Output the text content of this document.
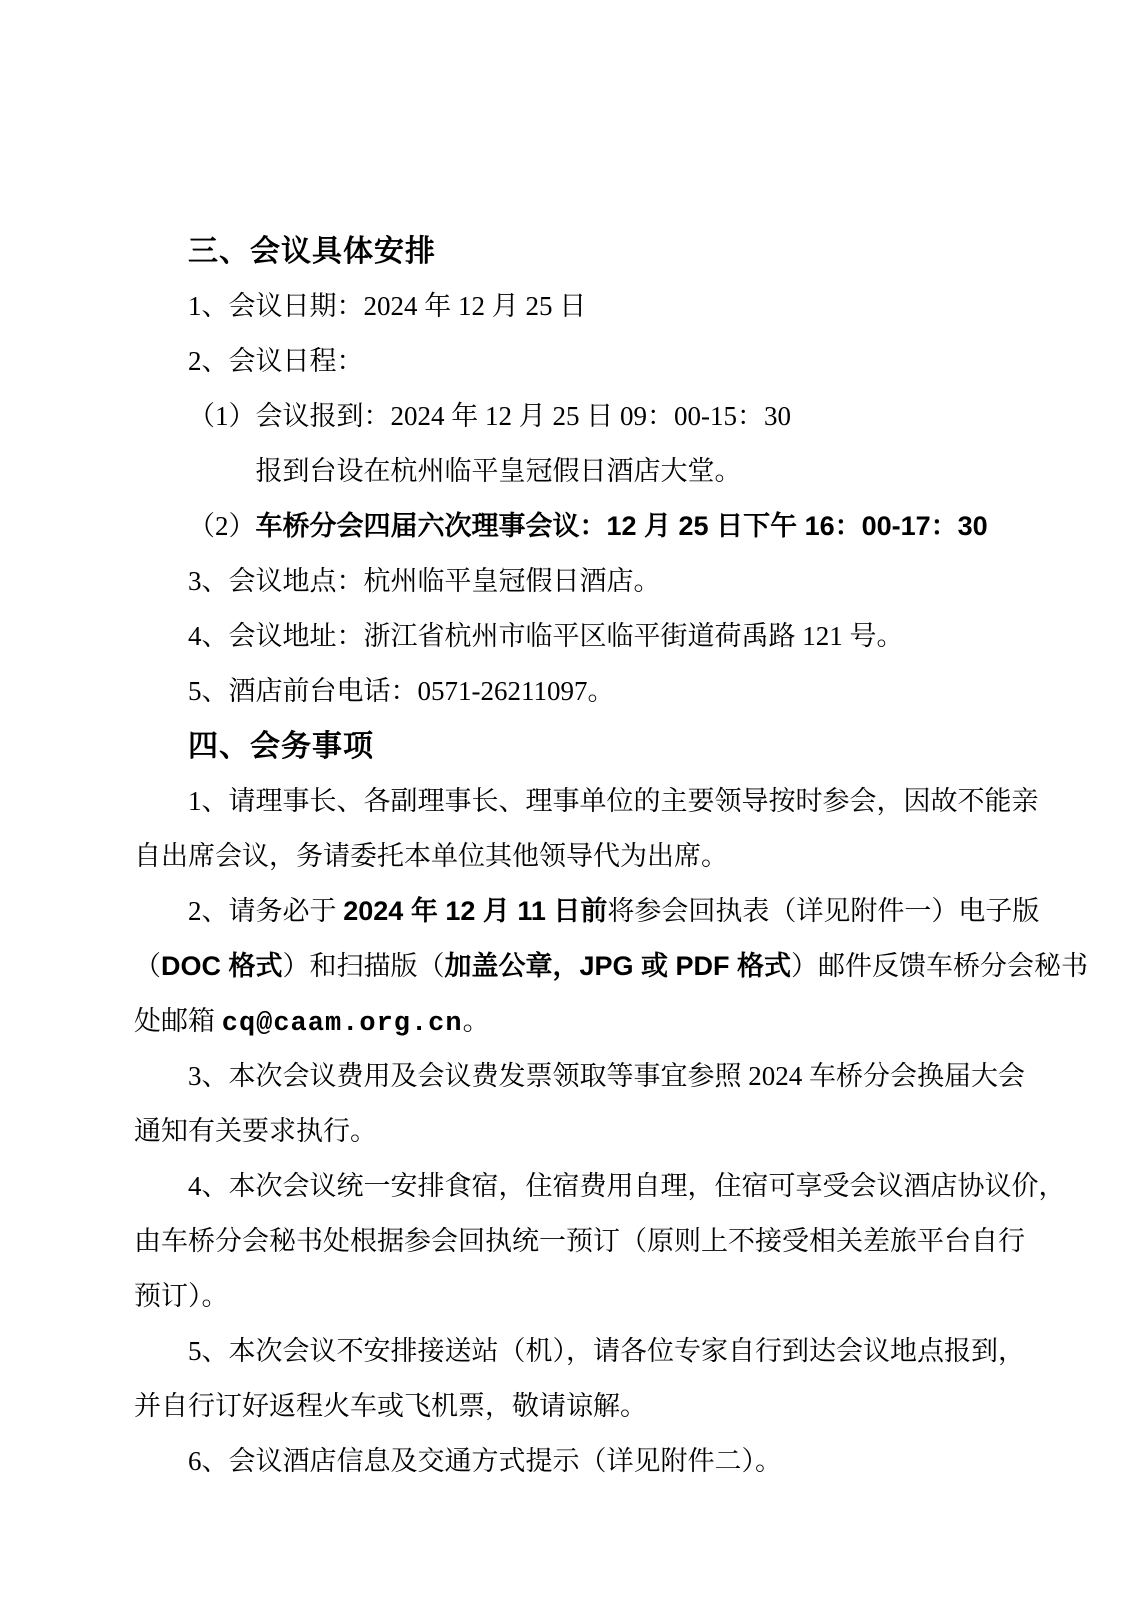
三、会议具体安排
1、会议日期：2024 年 12 月 25 日
2、会议日程：
（1）会议报到：2024 年 12 月 25 日 09：00-15：30
报到台设在杭州临平皇冠假日酒店大堂。
（2）车桥分会四届六次理事会议：12 月 25 日下午 16：00-17：30
3、会议地点：杭州临平皇冠假日酒店。
4、会议地址：浙江省杭州市临平区临平街道荷禹路 121 号。
5、酒店前台电话：0571-26211097。
四、会务事项
1、请理事长、各副理事长、理事单位的主要领导按时参会，因故不能亲
自出席会议，务请委托本单位其他领导代为出席。
2、请务必于 2024 年 12 月 11 日前将参会回执表（详见附件一）电子版
（DOC 格式）和扫描版（加盖公章，JPG 或 PDF 格式）邮件反馈车桥分会秘书
处邮箱 cq@caam.org.cn。
3、本次会议费用及会议费发票领取等事宜参照 2024 车桥分会换届大会
通知有关要求执行。
4、本次会议统一安排食宿，住宿费用自理，住宿可享受会议酒店协议价，
由车桥分会秘书处根据参会回执统一预订（原则上不接受相关差旅平台自行
预订）。
5、本次会议不安排接送站（机），请各位专家自行到达会议地点报到，
并自行订好返程火车或飞机票，敬请谅解。
6、会议酒店信息及交通方式提示（详见附件二）。
